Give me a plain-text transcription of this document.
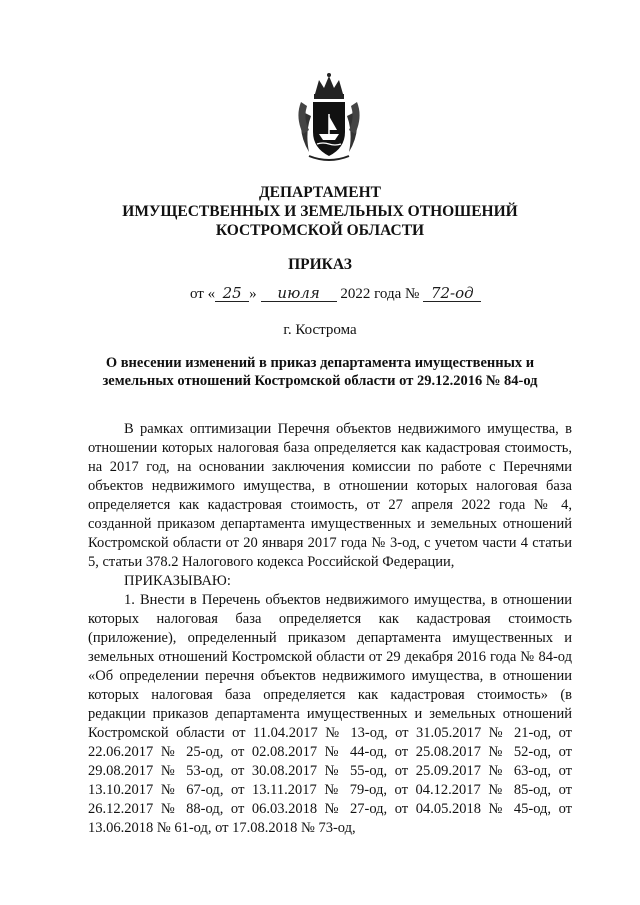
ДЕПАРТАМЕНТ
ИМУЩЕСТВЕННЫХ И ЗЕМЕЛЬНЫХ ОТНОШЕНИЙ
КОСТРОМСКОЙ ОБЛАСТИ
ПРИКАЗ
от « 25 » июля 2022 года № 72-од
г. Кострома
О внесении изменений в приказ департамента имущественных и
земельных отношений Костромской области от 29.12.2016 № 84-од

В рамках оптимизации Перечня объектов недвижимого имущества, в отношении которых налоговая база определяется как кадастровая стоимость, на 2017 год, на основании заключения комиссии по работе с Перечнями объектов недвижимого имущества, в отношении которых налоговая база определяется как кадастровая стоимость, от 27 апреля 2022 года № 4, созданной приказом департамента имущественных и земельных отношений Костромской области от 20 января 2017 года № 3-од, с учетом части 4 статьи 5, статьи 378.2 Налогового кодекса Российской Федерации,

ПРИКАЗЫВАЮ:

1. Внести в Перечень объектов недвижимого имущества, в отношении которых налоговая база определяется как кадастровая стоимость (приложение), определенный приказом департамента имущественных и земельных отношений Костромской области от 29 декабря 2016 года № 84-од «Об определении перечня объектов недвижимого имущества, в отношении которых налоговая база определяется как кадастровая стоимость» (в редакции приказов департамента имущественных и земельных отношений Костромской области от 11.04.2017 № 13-од, от 31.05.2017 № 21-од, от 22.06.2017 № 25-од, от 02.08.2017 № 44-од, от 25.08.2017 № 52-од, от 29.08.2017 № 53-од, от 30.08.2017 № 55-од, от 25.09.2017 № 63-од, от 13.10.2017 № 67-од, от 13.11.2017 № 79-од, от 04.12.2017 № 85-од, от 26.12.2017 № 88-од, от 06.03.2018 № 27-од, от 04.05.2018 № 45-од, от 13.06.2018 № 61-од, от 17.08.2018 № 73-од,
